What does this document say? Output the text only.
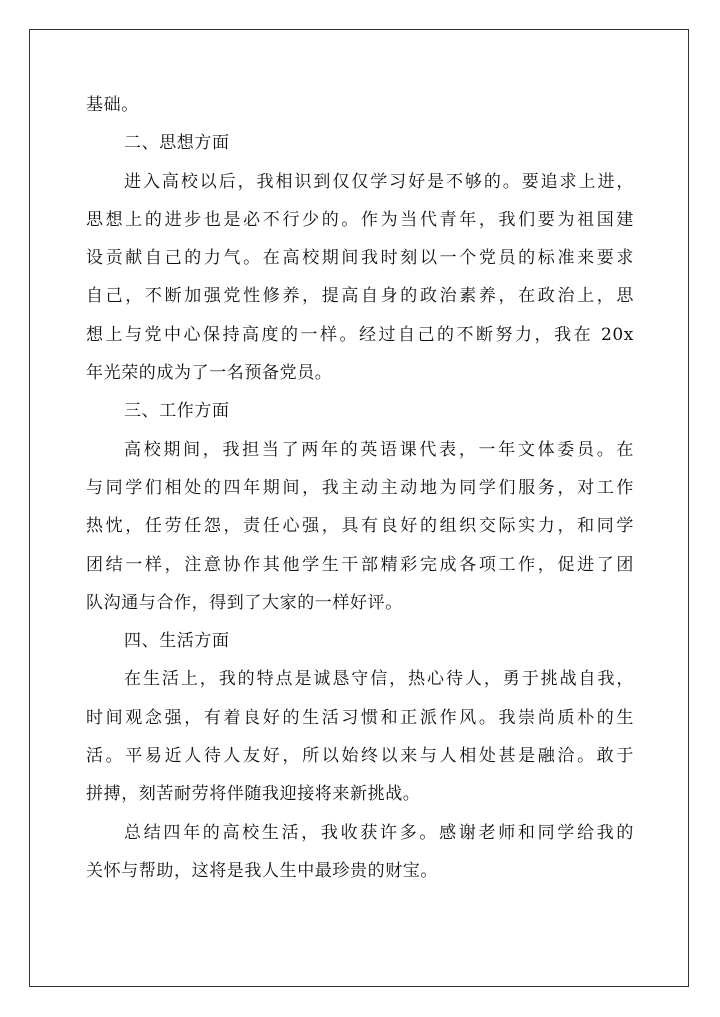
基础。
二、思想方面
进入高校以后，我相识到仅仅学习好是不够的。要追求上进，
思想上的进步也是必不行少的。作为当代青年，我们要为祖国建
设贡献自己的力气。在高校期间我时刻以一个党员的标准来要求
自己，不断加强党性修养，提高自身的政治素养，在政治上，思
想上与党中心保持高度的一样。经过自己的不断努力，我在 20x
年光荣的成为了一名预备党员。
三、工作方面
高校期间，我担当了两年的英语课代表，一年文体委员。在
与同学们相处的四年期间，我主动主动地为同学们服务，对工作
热忱，任劳任怨，责任心强，具有良好的组织交际实力，和同学
团结一样，注意协作其他学生干部精彩完成各项工作，促进了团
队沟通与合作，得到了大家的一样好评。
四、生活方面
在生活上，我的特点是诚恳守信，热心待人，勇于挑战自我，
时间观念强，有着良好的生活习惯和正派作风。我崇尚质朴的生
活。平易近人待人友好，所以始终以来与人相处甚是融洽。敢于
拼搏，刻苦耐劳将伴随我迎接将来新挑战。
总结四年的高校生活，我收获许多。感谢老师和同学给我的
关怀与帮助，这将是我人生中最珍贵的财宝。
